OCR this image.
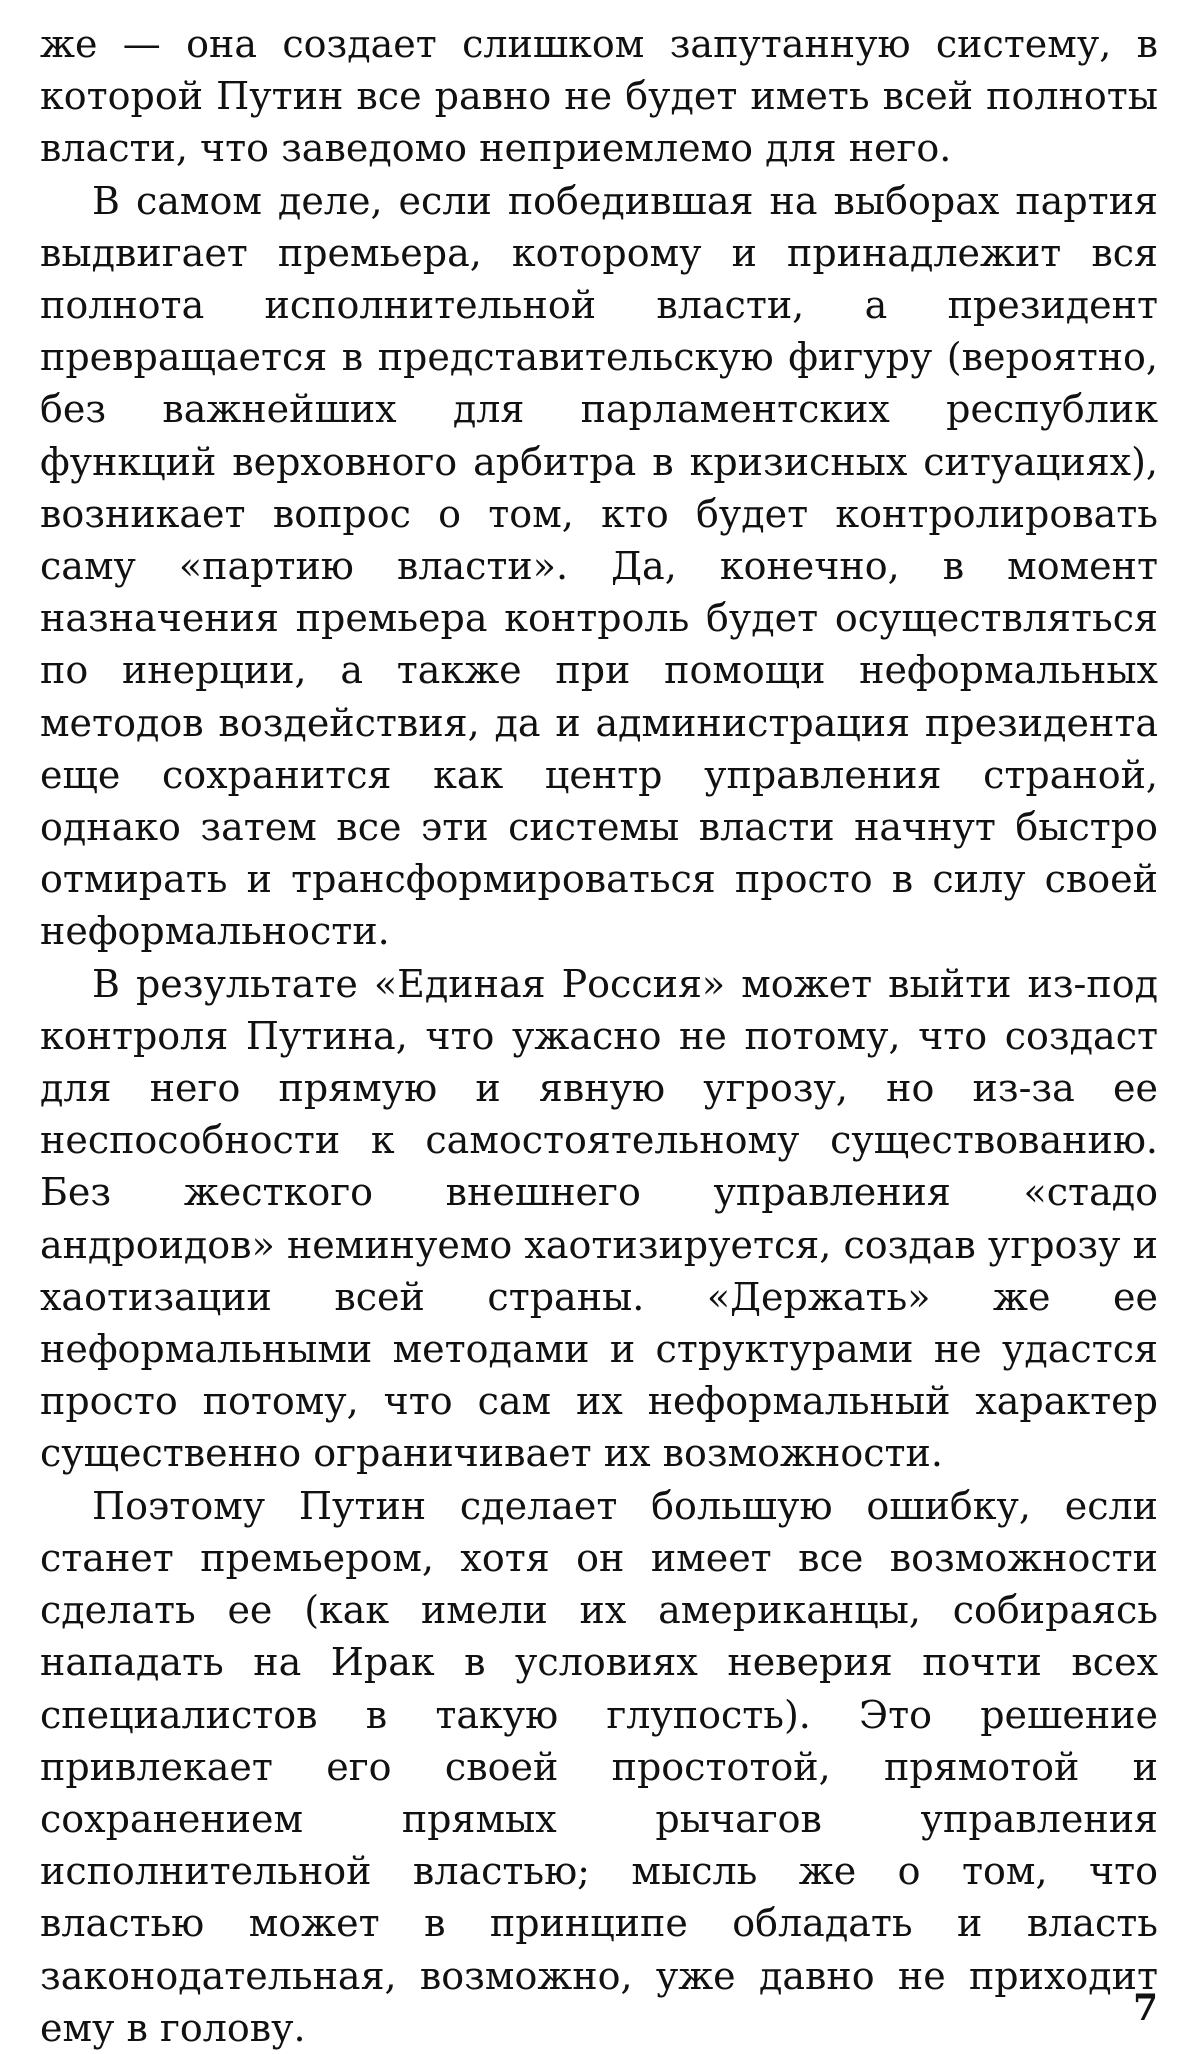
же — она создает слишком запутанную систему, в которой Путин все равно не будет иметь всей полноты власти, что заведомо неприемлемо для него.

В самом деле, если победившая на выборах партия выдвигает премьера, которому и принадлежит вся полнота исполнительной власти, а президент превращается в представительскую фигуру (вероятно, без важнейших для парламентских республик функций верховного арбитра в кризисных ситуациях), возникает вопрос о том, кто будет контролировать саму «партию власти». Да, конечно, в момент назначения премьера контроль будет осуществляться по инерции, а также при помощи неформальных методов воздействия, да и администрация президента еще сохранится как центр управления страной, однако затем все эти системы власти начнут быстро отмирать и трансформироваться просто в силу своей неформальности.

В результате «Единая Россия» может выйти из-под контроля Путина, что ужасно не потому, что создаст для него прямую и явную угрозу, но из-за ее неспособности к самостоятельному существованию. Без жесткого внешнего управления «стадо андроидов» неминуемо хаотизируется, создав угрозу и хаотизации всей страны. «Держать» же ее неформальными методами и структурами не удастся просто потому, что сам их неформальный характер существенно ограничивает их возможности.

Поэтому Путин сделает большую ошибку, если станет премьером, хотя он имеет все возможности сделать ее (как имели их американцы, собираясь нападать на Ирак в условиях неверия почти всех специалистов в такую глупость). Это решение привлекает его своей простотой, прямотой и сохранением прямых рычагов управления исполнительной властью; мысль же о том, что властью может в принципе обладать и власть законодательная, возможно, уже давно не приходит ему в голову.	7
